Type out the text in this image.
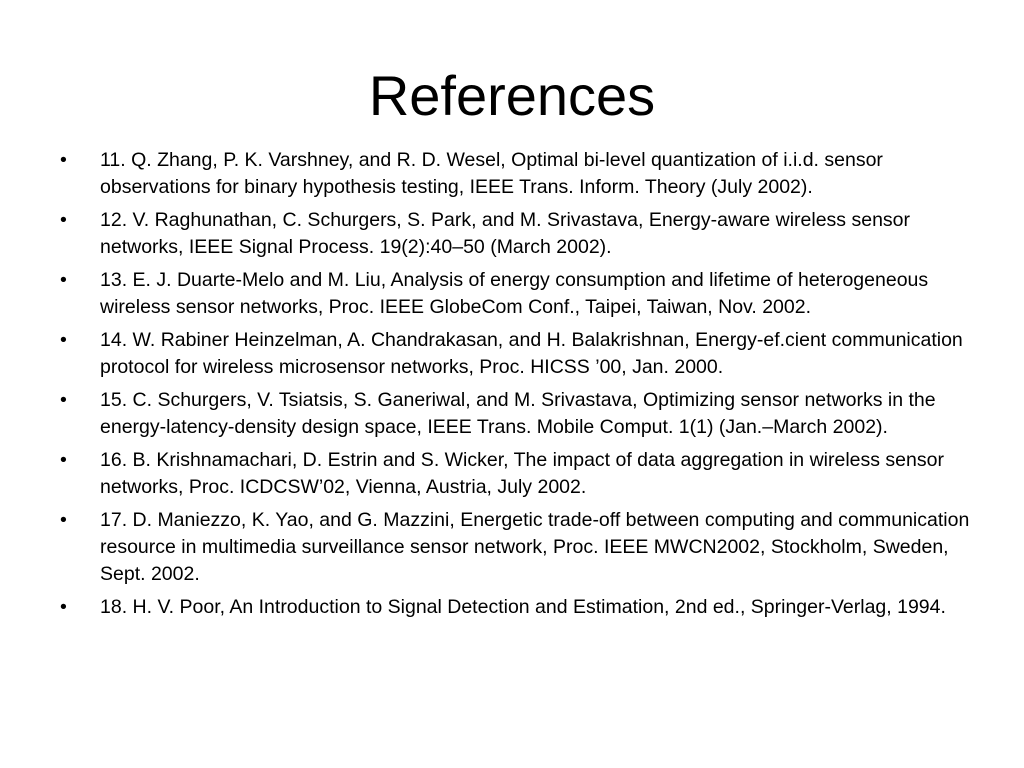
References
•	11. Q. Zhang, P. K. Varshney, and R. D. Wesel, Optimal bi-level quantization of i.i.d. sensor observations for binary hypothesis testing, IEEE Trans. Inform. Theory (July 2002).
•	12. V. Raghunathan, C. Schurgers, S. Park, and M. Srivastava, Energy-aware wireless sensor networks, IEEE Signal Process. 19(2):40–50 (March 2002).
•	13. E. J. Duarte-Melo and M. Liu, Analysis of energy consumption and lifetime of heterogeneous wireless sensor networks, Proc. IEEE GlobeCom Conf., Taipei, Taiwan, Nov. 2002.
•	14. W. Rabiner Heinzelman, A. Chandrakasan, and H. Balakrishnan, Energy-ef.cient communication protocol for wireless microsensor networks, Proc. HICSS ’00, Jan. 2000.
•	15. C. Schurgers, V. Tsiatsis, S. Ganeriwal, and M. Srivastava, Optimizing sensor networks in the energy-latency-density design space, IEEE Trans. Mobile Comput. 1(1) (Jan.–March 2002).
•	16. B. Krishnamachari, D. Estrin and S. Wicker, The impact of data aggregation in wireless sensor networks, Proc. ICDCSW’02, Vienna, Austria, July 2002.
•	17. D. Maniezzo, K. Yao, and G. Mazzini, Energetic trade-off between computing and communication resource in multimedia surveillance sensor network, Proc. IEEE MWCN2002, Stockholm, Sweden, Sept. 2002.
•	18. H. V. Poor, An Introduction to Signal Detection and Estimation, 2nd ed., Springer-Verlag, 1994.
